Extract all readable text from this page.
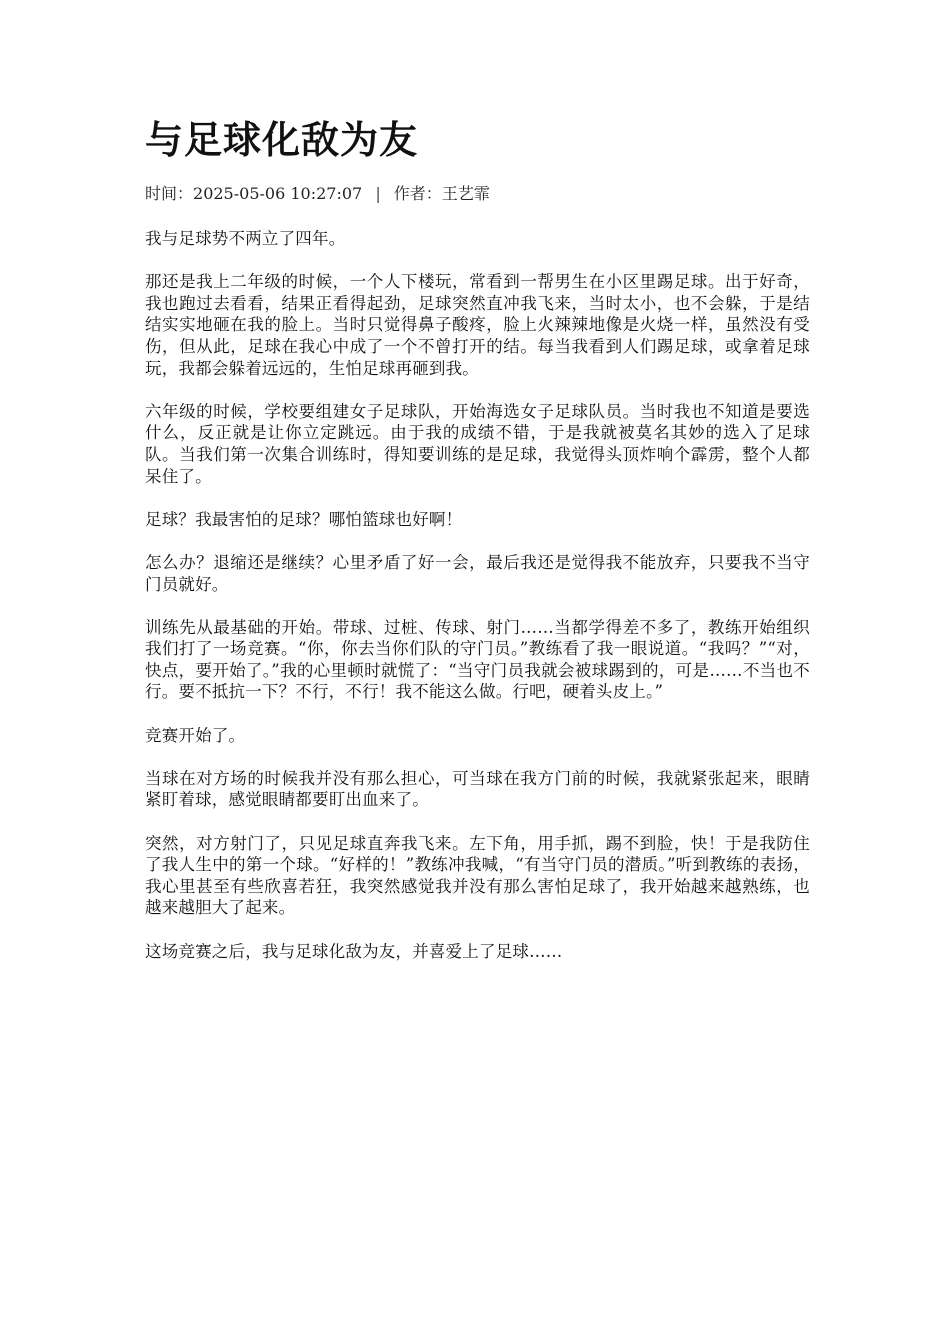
与足球化敌为友
时间：2025-05-06 10:27:07 | 作者：王艺霏

我与足球势不两立了四年。

那还是我上二年级的时候，一个人下楼玩，常看到一帮男生在小区里踢足球。出于好奇，我也跑过去看看，结果正看得起劲，足球突然直冲我飞来，当时太小，也不会躲，于是结结实实地砸在我的脸上。当时只觉得鼻子酸疼，脸上火辣辣地像是火烧一样，虽然没有受伤，但从此，足球在我心中成了一个不曾打开的结。每当我看到人们踢足球，或拿着足球玩，我都会躲着远远的，生怕足球再砸到我。

六年级的时候，学校要组建女子足球队，开始海选女子足球队员。当时我也不知道是要选什么，反正就是让你立定跳远。由于我的成绩不错，于是我就被莫名其妙的选入了足球队。当我们第一次集合训练时，得知要训练的是足球，我觉得头顶炸响个霹雳，整个人都呆住了。

足球？我最害怕的足球？哪怕篮球也好啊！

怎么办？退缩还是继续？心里矛盾了好一会，最后我还是觉得我不能放弃，只要我不当守门员就好。

训练先从最基础的开始。带球、过桩、传球、射门……当都学得差不多了，教练开始组织我们打了一场竞赛。“你，你去当你们队的守门员。”教练看了我一眼说道。“我吗？”“对，快点，要开始了。”我的心里顿时就慌了：“当守门员我就会被球踢到的，可是……不当也不行。要不抵抗一下？不行，不行！我不能这么做。行吧，硬着头皮上。”

竞赛开始了。

当球在对方场的时候我并没有那么担心，可当球在我方门前的时候，我就紧张起来，眼睛紧盯着球，感觉眼睛都要盯出血来了。

突然，对方射门了，只见足球直奔我飞来。左下角，用手抓，踢不到脸，快！于是我防住了我人生中的第一个球。“好样的！”教练冲我喊，“有当守门员的潜质。”听到教练的表扬，我心里甚至有些欣喜若狂，我突然感觉我并没有那么害怕足球了，我开始越来越熟练，也越来越胆大了起来。

这场竞赛之后，我与足球化敌为友，并喜爱上了足球……
